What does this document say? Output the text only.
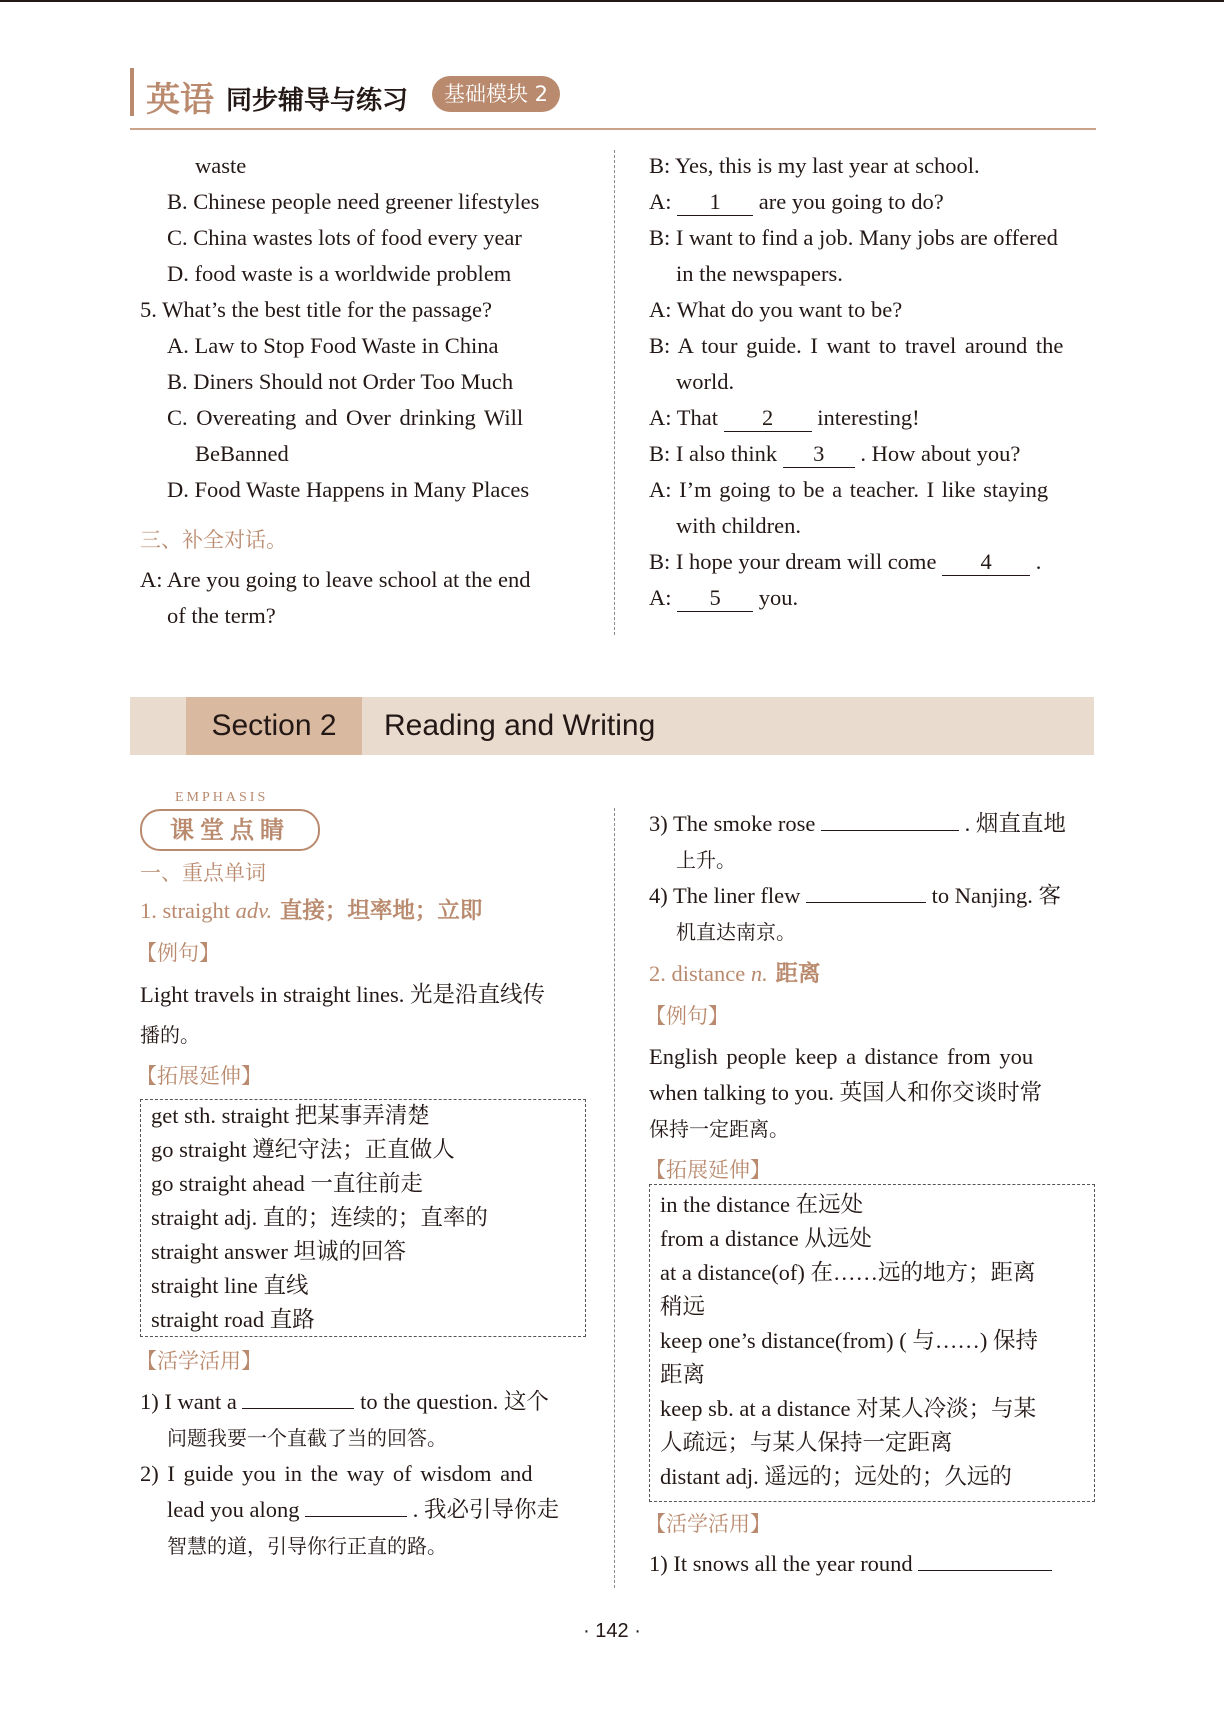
英语 同步辅导与练习	基础模块 2
waste
B. Chinese people need greener lifestyles
C. China wastes lots of food every year
D. food waste is a worldwide problem
5. What’s the best title for the passage?
A. Law to Stop Food Waste in China
B. Diners Should not Order Too Much
C. Overeating and Over drinking Will
BeBanned
D. Food Waste Happens in Many Places
三、补全对话。
A: Are you going to leave school at the end
of the term?
B: Yes, this is my last year at school.
A: 1 are you going to do?
B: I want to find a job. Many jobs are offered
in the newspapers.
A: What do you want to be?
B: A tour guide. I want to travel around the
world.
A: That 2 interesting!
B: I also think 3 . How about you?
A: I’m going to be a teacher. I like staying
with children.
B: I hope your dream will come 4 .
A: 5 you.
Section 2	Reading and Writing
EMPHASIS
课堂点睛
一、重点单词
1. straight adv. 直接；坦率地；立即
【例句】
Light travels in straight lines. 光是沿直线传
播的。
【拓展延伸】
get sth. straight 把某事弄清楚
go straight 遵纪守法；正直做人
go straight ahead 一直往前走
straight adj. 直的；连续的；直率的
straight answer 坦诚的回答
straight line 直线
straight road 直路
【活学活用】
1) I want a	to the question. 这个
问题我要一个直截了当的回答。
2) I guide you in the way of wisdom and
lead you along	. 我必引导你走
智慧的道，引导你行正直的路。
3) The smoke rose	. 烟直直地
上升。
4) The liner flew	to Nanjing. 客
机直达南京。
2. distance n. 距离
【例句】
English people keep a distance from you
when talking to you. 英国人和你交谈时常
保持一定距离。
【拓展延伸】
in the distance 在远处
from a distance 从远处
at a distance(of) 在……远的地方；距离
稍远
keep one’s distance(from) ( 与……) 保持
距离
keep sb. at a distance 对某人冷淡；与某
人疏远；与某人保持一定距离
distant adj. 遥远的；远处的；久远的
【活学活用】
1) It snows all the year round
· 142 ·
